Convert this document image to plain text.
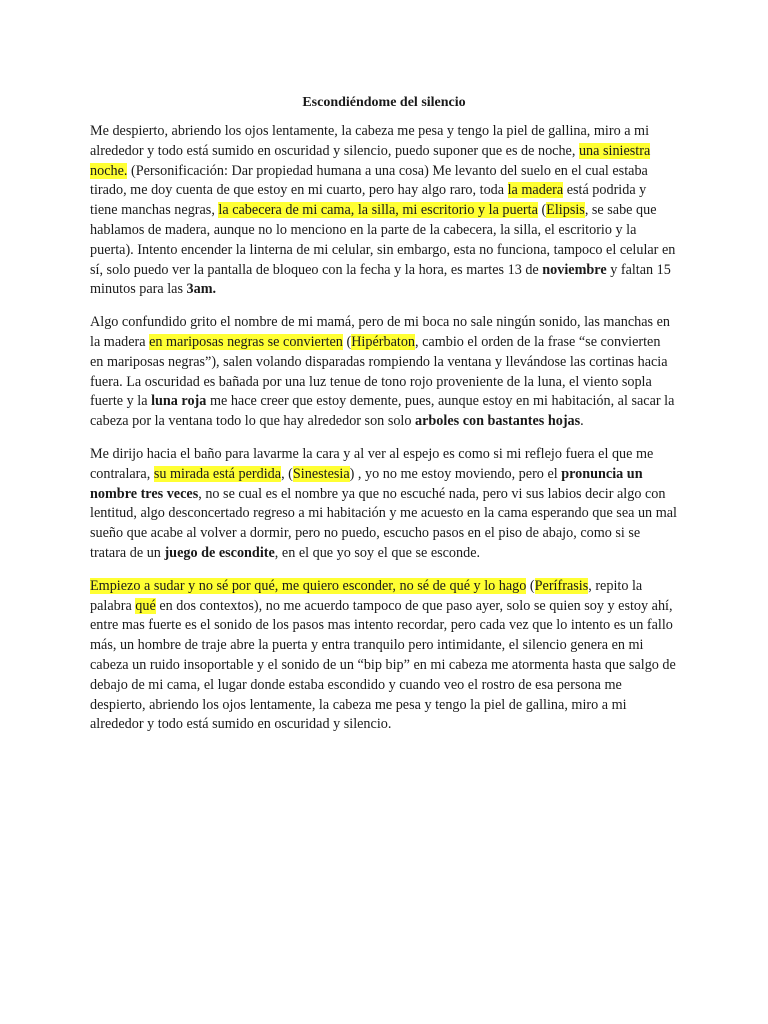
Escondiéndome del silencio

Me despierto, abriendo los ojos lentamente, la cabeza me pesa y tengo la piel de gallina, miro a mi alrededor y todo está sumido en oscuridad y silencio, puedo suponer que es de noche, una siniestra noche. (Personificación: Dar propiedad humana a una cosa) Me levanto del suelo en el cual estaba tirado, me doy cuenta de que estoy en mi cuarto, pero hay algo raro, toda la madera está podrida y tiene manchas negras, la cabecera de mi cama, la silla, mi escritorio y la puerta (Elipsis, se sabe que hablamos de madera, aunque no lo menciono en la parte de la cabecera, la silla, el escritorio y la puerta). Intento encender la linterna de mi celular, sin embargo, esta no funciona, tampoco el celular en sí, solo puedo ver la pantalla de bloqueo con la fecha y la hora, es martes 13 de noviembre y faltan 15 minutos para las 3am.

Algo confundido grito el nombre de mi mamá, pero de mi boca no sale ningún sonido, las manchas en la madera en mariposas negras se convierten (Hipérbaton, cambio el orden de la frase “se convierten en mariposas negras”), salen volando disparadas rompiendo la ventana y llevándose las cortinas hacia fuera. La oscuridad es bañada por una luz tenue de tono rojo proveniente de la luna, el viento sopla fuerte y la luna roja me hace creer que estoy demente, pues, aunque estoy en mi habitación, al sacar la cabeza por la ventana todo lo que hay alrededor son solo arboles con bastantes hojas.

Me dirijo hacia el baño para lavarme la cara y al ver al espejo es como si mi reflejo fuera el que me contralara, su mirada está perdida, (Sinestesia) , yo no me estoy moviendo, pero el pronuncia un nombre tres veces, no se cual es el nombre ya que no escuché nada, pero vi sus labios decir algo con lentitud, algo desconcertado regreso a mi habitación y me acuesto en la cama esperando que sea un mal sueño que acabe al volver a dormir, pero no puedo, escucho pasos en el piso de abajo, como si se tratara de un juego de escondite, en el que yo soy el que se esconde.

Empiezo a sudar y no sé por qué, me quiero esconder, no sé de qué y lo hago (Perífrasis, repito la palabra qué en dos contextos), no me acuerdo tampoco de que paso ayer, solo se quien soy y estoy ahí, entre mas fuerte es el sonido de los pasos mas intento recordar, pero cada vez que lo intento es un fallo más, un hombre de traje abre la puerta y entra tranquilo pero intimidante, el silencio genera en mi cabeza un ruido insoportable y el sonido de un “bip bip” en mi cabeza me atormenta hasta que salgo de debajo de mi cama, el lugar donde estaba escondido y cuando veo el rostro de esa persona me despierto, abriendo los ojos lentamente, la cabeza me pesa y tengo la piel de gallina, miro a mi alrededor y todo está sumido en oscuridad y silencio.
